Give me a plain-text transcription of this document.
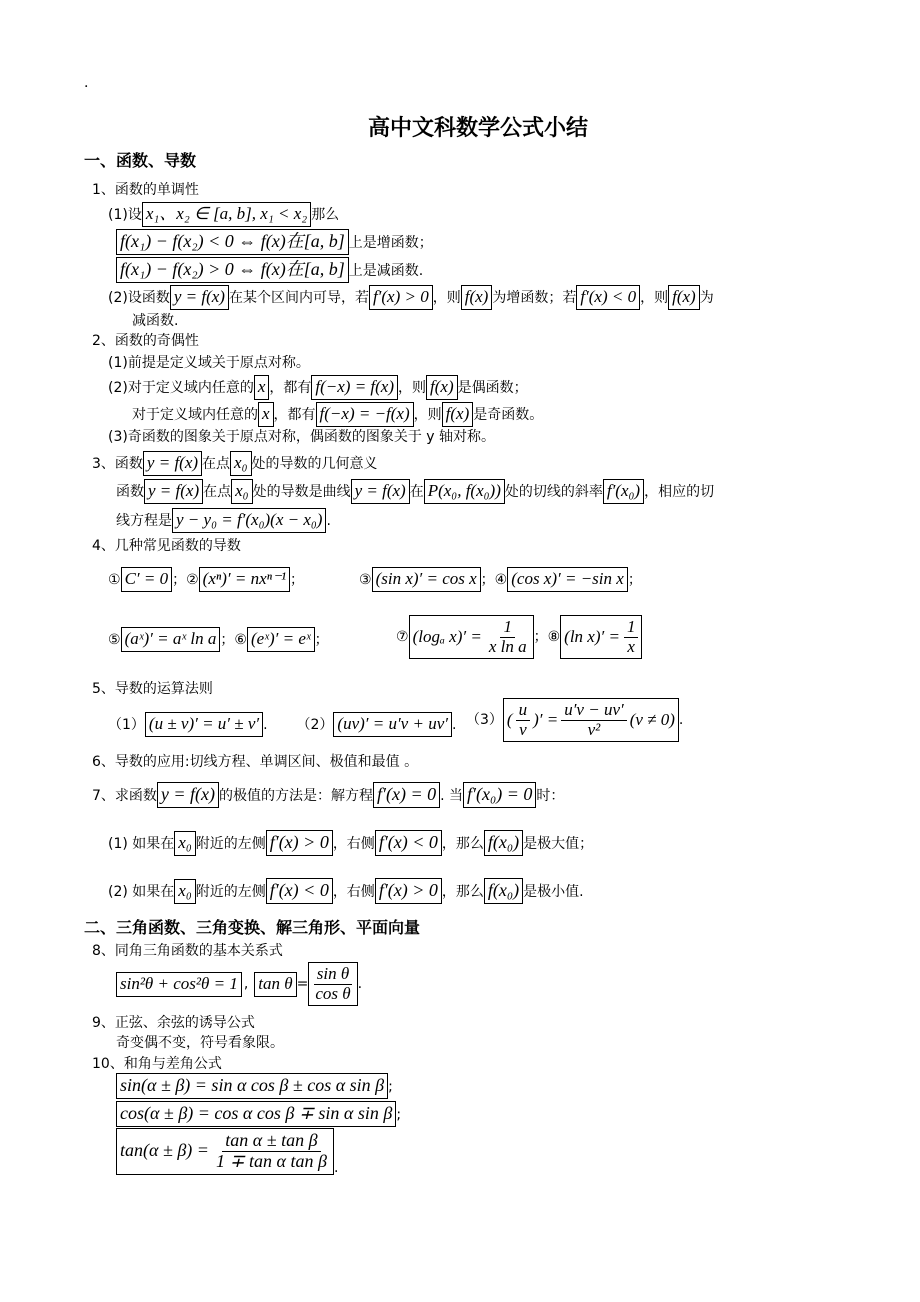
·
高中文科数学公式小结
一、函数、导数
1、函数的单调性
(1)设 x₁、x₂ ∈ [a, b], x₁ < x₂ 那么
f(x₁) − f(x₂) < 0 ⇔ f(x)在[a, b] 上是增函数；
f(x₁) − f(x₂) > 0 ⇔ f(x)在[a, b] 上是减函数.
(2)设函数 y = f(x) 在某个区间内可导，若 f′(x) > 0 ，则 f(x) 为增函数；若 f′(x) < 0 ，则 f(x) 为
减函数.
2、函数的奇偶性
(1)前提是定义域关于原点对称。
(2)对于定义域内任意的 x ，都有 f(−x) = f(x) ，则 f(x) 是偶函数；
对于定义域内任意的 x ，都有 f(−x) = −f(x) ，则 f(x) 是奇函数。
(3)奇函数的图象关于原点对称，偶函数的图象关于 y 轴对称。
3、函数 y = f(x) 在点 x₀ 处的导数的几何意义
函数 y = f(x) 在点 x₀ 处的导数是曲线 y = f(x) 在 P(x₀, f(x₀)) 处的切线的斜率 f′(x₀) ，相应的切
线方程是 y − y₀ = f′(x₀)(x − x₀) .
4、几种常见函数的导数
① C′ = 0 ；② (xⁿ)′ = nxⁿ⁻¹ ；	③ (sin x)′ = cos x ；④ (cos x)′ = −sin x ；
⑤ (aˣ)′ = aˣ ln a ；⑥ (eˣ)′ = eˣ ；	⑦ (logₐ $x)' = \frac{1}{\text{x ln a}}$ ； ⑧ (ln $x)' = \frac{1}{x}$
5、导数的运算法则
（1） (u ± v)′ = u′ ± v′ . （2） (uv)′ = u′v + uv′ . （3） ( $\frac{u}{v}$ )′ = $\frac{u'v - uv'}{\text{v²}} (v \ne 0)$ .
6、导数的应用:切线方程、单调区间、极值和最值 。
7、求函数 y = f(x) 的极值的方法是：解方程 f′(x) = 0 . 当 f′(x₀) = 0 时：
(1) 如果在 x₀ 附近的左侧 f′(x) > 0 ，右侧 f′(x) < 0 ，那么 f(x₀) 是极大值；
(2) 如果在 x₀ 附近的左侧 f′(x) < 0 ，右侧 f′(x) > 0 ，那么 f(x₀) 是极小值.
二、三角函数、三角变换、解三角形、平面向量
8、同角三角函数的基本关系式
sin²θ + cos²θ = 1 , $\tan \theta = \frac{\text{sin θ}}{\text{cos θ}}$ .
9、正弦、余弦的诱导公式
奇变偶不变，符号看象限。
10、和角与差角公式
sin(α ± β) = sin α cos β ± cos α sin β ;
cos(α ± β) = cos α cos β ∓ sin α sin β ;
$\tan(\alpha \pm \beta) = \frac{\text{tan α ± tan β}}{\text{1 ∓ tan α tan β}}$ .
